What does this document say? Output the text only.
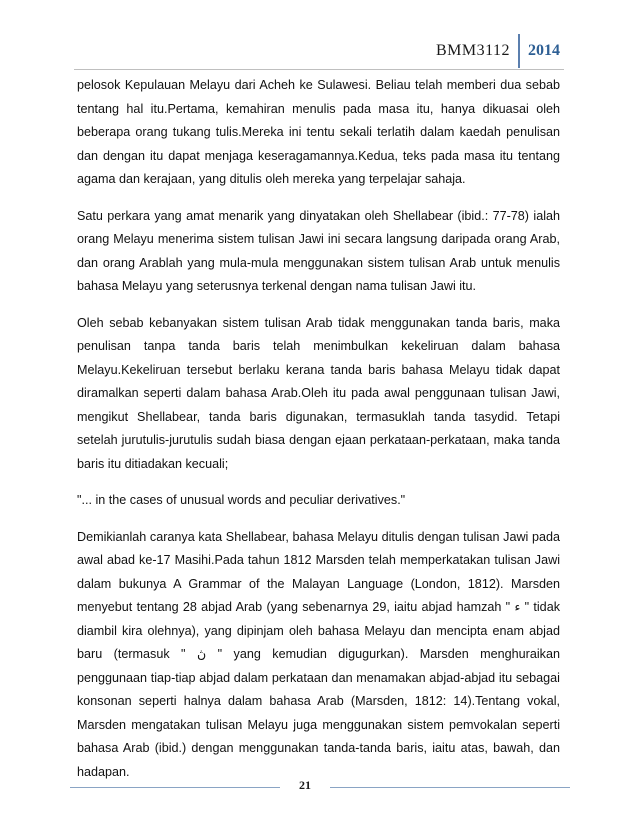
BMM3112	2014

pelosok Kepulauan Melayu dari Acheh ke Sulawesi. Beliau telah memberi dua sebab tentang hal itu.Pertama, kemahiran menulis pada masa itu, hanya dikuasai oleh beberapa orang tukang tulis.Mereka ini tentu sekali terlatih dalam kaedah penulisan dan dengan itu dapat menjaga keseragamannya.Kedua, teks pada masa itu tentang agama dan kerajaan, yang ditulis oleh mereka yang terpelajar sahaja.

Satu perkara yang amat menarik yang dinyatakan oleh Shellabear (ibid.: 77-78) ialah orang Melayu menerima sistem tulisan Jawi ini secara langsung daripada orang Arab, dan orang Arablah yang mula-mula menggunakan sistem tulisan Arab untuk menulis bahasa Melayu yang seterusnya terkenal dengan nama tulisan Jawi itu.

Oleh sebab kebanyakan sistem tulisan Arab tidak menggunakan tanda baris, maka penulisan tanpa tanda baris telah menimbulkan kekeliruan dalam bahasa Melayu.Kekeliruan tersebut berlaku kerana tanda baris bahasa Melayu tidak dapat diramalkan seperti dalam bahasa Arab.Oleh itu pada awal penggunaan tulisan Jawi, mengikut Shellabear, tanda baris digunakan, termasuklah tanda tasydid. Tetapi setelah jurutulis-jurutulis sudah biasa dengan ejaan perkataan-perkataan, maka tanda baris itu ditiadakan kecuali;

"... in the cases of unusual words and peculiar derivatives."

Demikianlah caranya kata Shellabear, bahasa Melayu ditulis dengan tulisan Jawi pada awal abad ke-17 Masihi.Pada tahun 1812 Marsden telah memperkatakan tulisan Jawi dalam bukunya A Grammar of the Malayan Language (London, 1812). Marsden menyebut tentang 28 abjad Arab (yang sebenarnya 29, iaitu abjad hamzah " ء " tidak diambil kira olehnya), yang dipinjam oleh bahasa Melayu dan mencipta enam abjad baru (termasuk " ڽ " yang kemudian digugurkan). Marsden menghuraikan penggunaan tiap-tiap abjad dalam perkataan dan menamakan abjad-abjad itu sebagai konsonan seperti halnya dalam bahasa Arab (Marsden, 1812: 14).Tentang vokal, Marsden mengatakan tulisan Melayu juga menggunakan sistem pemvokalan seperti bahasa Arab (ibid.) dengan menggunakan tanda-tanda baris, iaitu atas, bawah, dan hadapan.

21
